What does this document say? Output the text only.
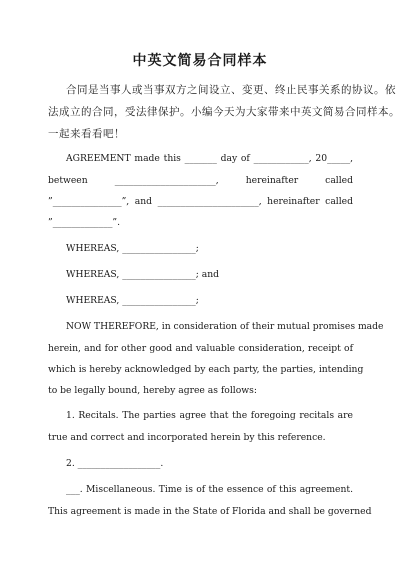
中英文简易合同样本
合同是当事人或当事双方之间设立、变更、终止民事关系的协议。依
法成立的合同，受法律保护。小编今天为大家带来中英文简易合同样本。
一起来看看吧！
AGREEMENT made this _______ day of ____________, 20_____,
between ______________________, hereinafter called
”_______________”, and ______________________, hereinafter called
”_____________”.
WHEREAS, ________________;
WHEREAS, ________________; and
WHEREAS, ________________;
NOW THEREFORE, in consideration of their mutual promises made
herein, and for other good and valuable consideration, receipt of
which is hereby acknowledged by each party, the parties, intending
to be legally bound, hereby agree as follows:
1. Recitals. The parties agree that the foregoing recitals are
true and correct and incorporated herein by this reference.
2. __________________.
___. Miscellaneous. Time is of the essence of this agreement.
This agreement is made in the State of Florida and shall be governed
